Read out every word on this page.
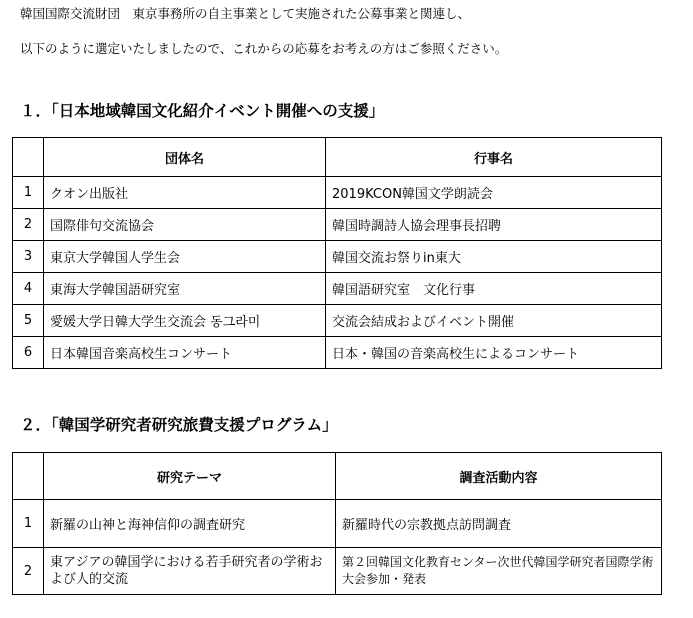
韓国国際交流財団　東京事務所の自主事業として実施された公募事業と関連し、
以下のように選定いたしましたので、これからの応募をお考えの方はご参照ください。
１．「日本地域韓国文化紹介イベント開催への支援」
	団体名	行事名
1	クオン出版社	2019KCON韓国文学朗読会
2	国際俳句交流協会	韓国時調詩人協会理事長招聘
3	東京大学韓国人学生会	韓国交流お祭りin東大
4	東海大学韓国語研究室	韓国語研究室　文化行事
5	愛媛大学日韓大学生交流会 동그라미	交流会結成およびイベント開催
6	日本韓国音楽高校生コンサート	日本・韓国の音楽高校生によるコンサート
２．「韓国学研究者研究旅費支援プログラム」
	研究テーマ	調査活動内容
1	新羅の山神と海神信仰の調査研究	新羅時代の宗教拠点訪問調査
2	東アジアの韓国学における若手研究者の学術および人的交流	第２回韓国文化教育センター次世代韓国学研究者国際学術大会参加・発表
